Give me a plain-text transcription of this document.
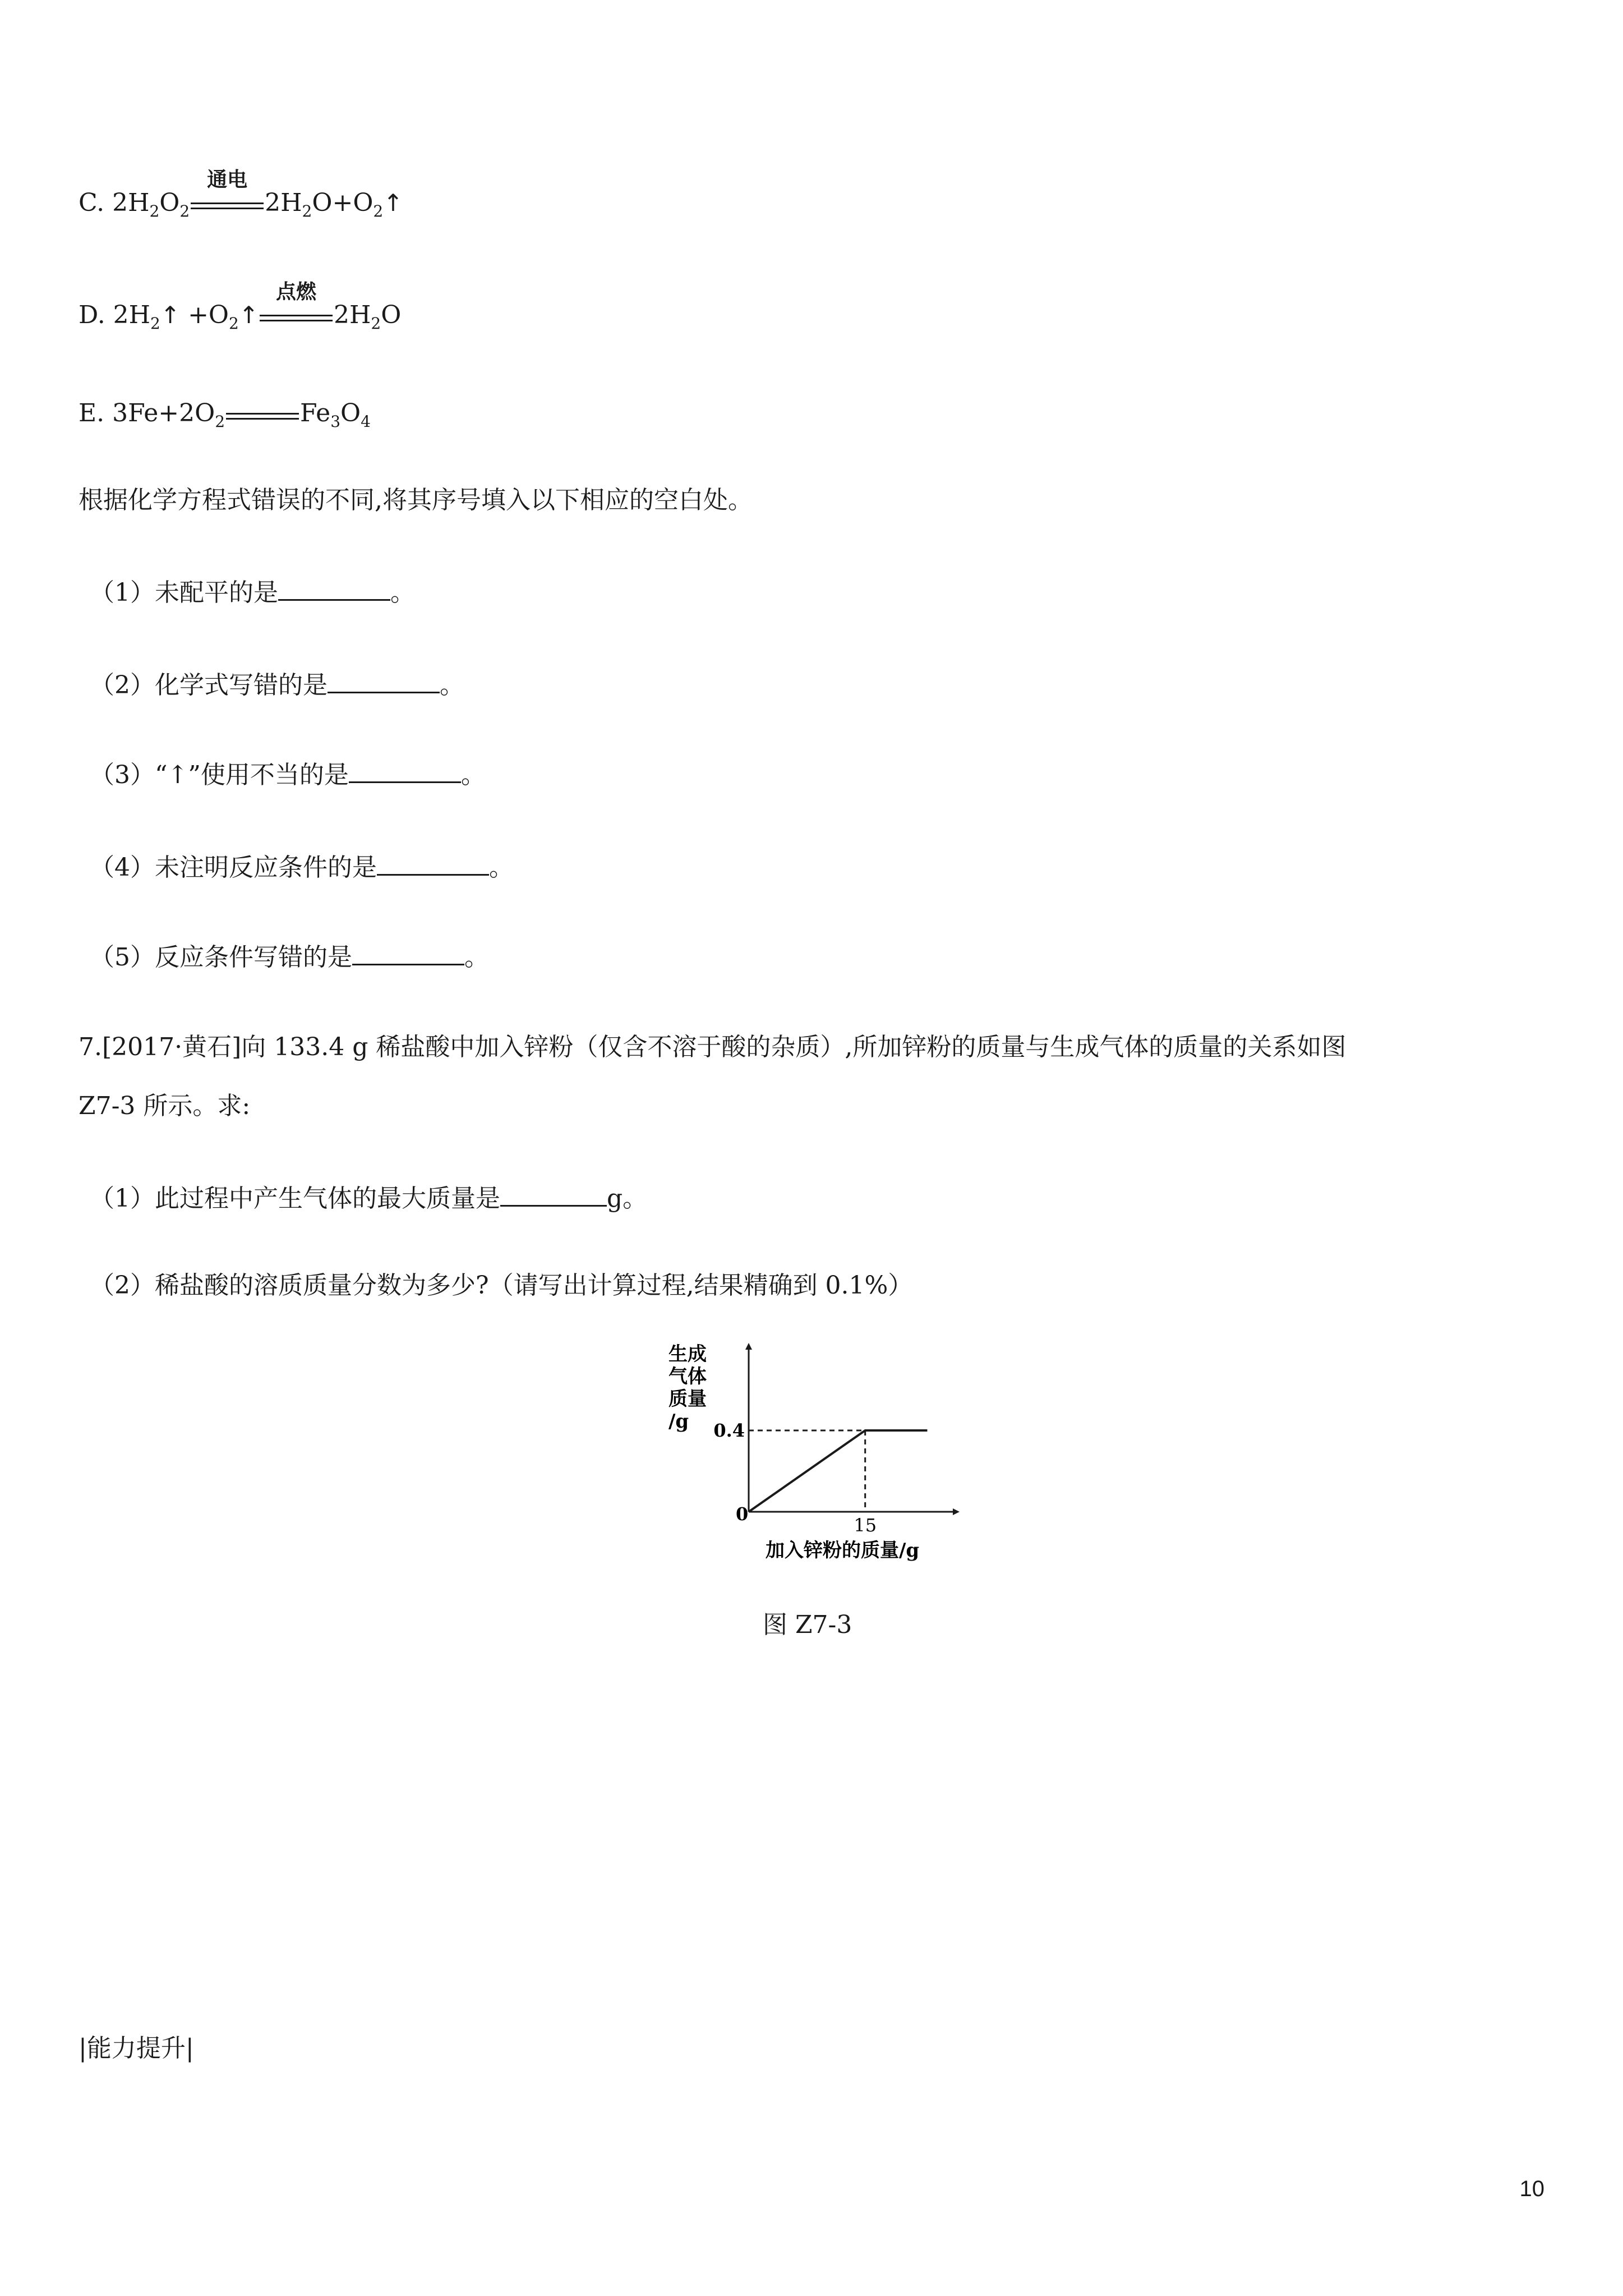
C. $2H_2O_2$
通电
$2H_2O+O_2↑$
D. $2H_2↑$ $+O_2↑$
点燃
$2H_2O$
E. $3Fe+2O_2$	$Fe_3O_4$
根据化学方程式错误的不同,将其序号填入以下相应的空白处。
（1）未配平的是	。
（2）化学式写错的是	。
（3）“↑”使用不当的是	。
（4）未注明反应条件的是	。
（5）反应条件写错的是	。
7.[2017·黄石]向 133.4 g 稀盐酸中加入锌粉（仅含不溶于酸的杂质）,所加锌粉的质量与生成气体的质量的关系如图
Z7-3 所示。求:
（1）此过程中产生气体的最大质量是	g。
（2）稀盐酸的溶质质量分数为多少?（请写出计算过程,结果精确到 0.1%）
生成
气体
质量
/g 0.4
0
15
加入锌粉的质量/g
图 Z7-3
|能力提升|
10
